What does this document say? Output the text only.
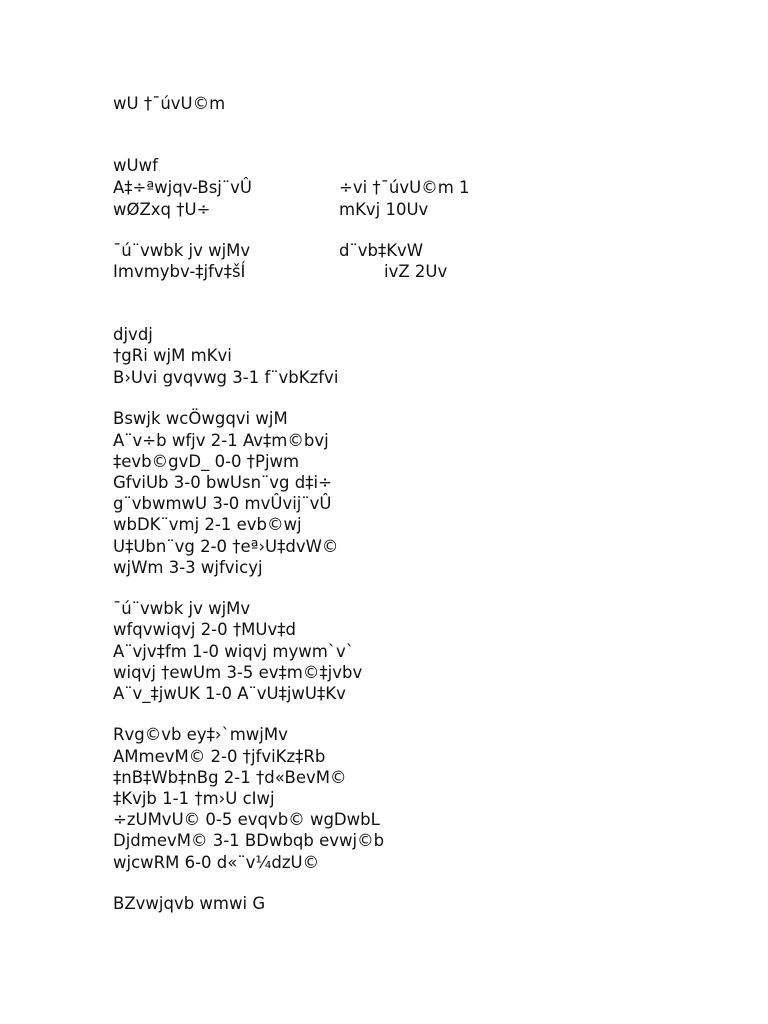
wU †¯úvU©m
wUwf
A‡÷ªwjqv-Bsj¨vÛ	÷vi †¯úvU©m 1
wØZxq †U÷	mKvj 10Uv
¯ú¨vwbk jv wjMv	d¨vb‡KvW
Imvmybv-‡jfv‡šÍ	ivZ 2Uv
djvdj
†gRi wjM mKvi
B›Uvi gvqvwg 3-1 f¨vbKzfvi
Bswjk wcÖwgqvi wjM
A¨v÷b wfjv 2-1 Av‡m©bvj
‡evb©gvD_ 0-0 †Pjwm
GfviUb 3-0 bwUsn¨vg d‡i÷
g¨vbwmwU 3-0 mvÛvij¨vÛ
wbDK¨vmj 2-1 evb©wj
U‡Ubn¨vg 2-0 †eª›U‡dvW©
wjWm 3-3 wjfvicyj
¯ú¨vwbk jv wjMv
wfqvwiqvj 2-0 †MUv‡d
A¨vjv‡fm 1-0 wiqvj mywm`v`
wiqvj †ewUm 3-5 ev‡m©‡jvbv
A¨v_‡jwUK 1-0 A¨vU‡jwU‡Kv
Rvg©vb ey‡›`mwjMv
AMmevM© 2-0 †jfviKz‡Rb
‡nB‡Wb‡nBg 2-1 †d«BevM©
‡Kvjb 1-1 †m›U cIwj
÷zUMvU© 0-5 evqvb© wgDwbL
DjdmevM© 3-1 BDwbqb evwj©b
wjcwRM 6-0 d«¨v¼dzU©
BZvwjqvb wmwi G
